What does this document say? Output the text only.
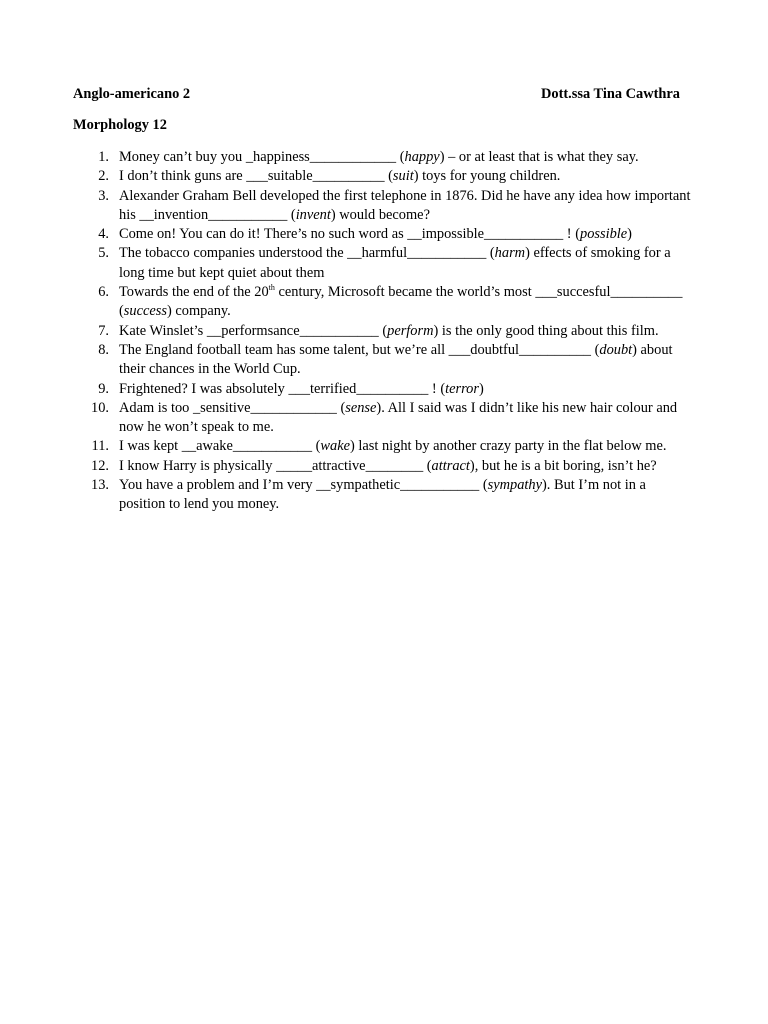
Anglo-americano 2	Dott.ssa Tina Cawthra
Morphology 12
1. Money can’t buy you _happiness____________ (happy) – or at least that is what they say.
2. I don’t think guns are ___suitable__________ (suit) toys for young children.
3. Alexander Graham Bell developed the first telephone in 1876. Did he have any idea how important his __invention___________ (invent) would become?
4. Come on! You can do it! There’s no such word as __impossible___________ ! (possible)
5. The tobacco companies understood the __harmful___________ (harm) effects of smoking for a long time but kept quiet about them
6. Towards the end of the 20th century, Microsoft became the world’s most ___succesful__________ (success) company.
7. Kate Winslet’s __performsance___________ (perform) is the only good thing about this film.
8. The England football team has some talent, but we’re all ___doubtful__________ (doubt) about their chances in the World Cup.
9. Frightened? I was absolutely ___terrified__________ ! (terror)
10. Adam is too _sensitive____________ (sense). All I said was I didn’t like his new hair colour and now he won’t speak to me.
11. I was kept __awake___________ (wake) last night by another crazy party in the flat below me.
12. I know Harry is physically _____attractive________ (attract), but he is a bit boring, isn’t he?
13. You have a problem and I’m very __sympathetic___________ (sympathy). But I’m not in a position to lend you money.
